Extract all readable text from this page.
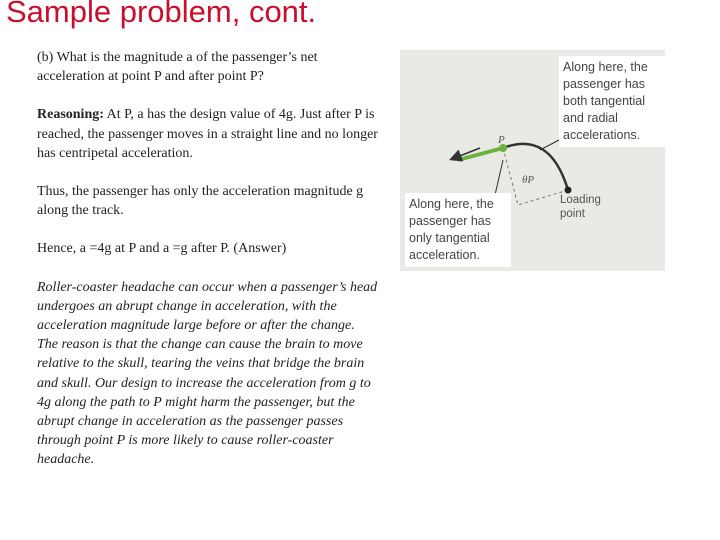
Sample problem, cont.

(b) What is the magnitude a of the passenger’s net acceleration at point P and after point P?

Reasoning: At P, a has the design value of 4g. Just after P is reached, the passenger moves in a straight line and no longer has centripetal acceleration.

Thus, the passenger has only the acceleration magnitude g along the track.

Hence, a =4g at P and a =g after P. (Answer)

Roller-coaster headache can occur when a passenger’s head undergoes an abrupt change in acceleration, with the acceleration magnitude large before or after the change.

The reason is that the change can cause the brain to move relative to the skull, tearing the veins that bridge the brain and skull. Our design to increase the acceleration from g to 4g along the path to P might harm the passenger, but the abrupt change in acceleration as the passenger passes through point P is more likely to cause roller-coaster headache.

Along here, the passenger has both tangential and radial accelerations.
Along here, the passenger has only tangential acceleration.
P
θP
Loading point
